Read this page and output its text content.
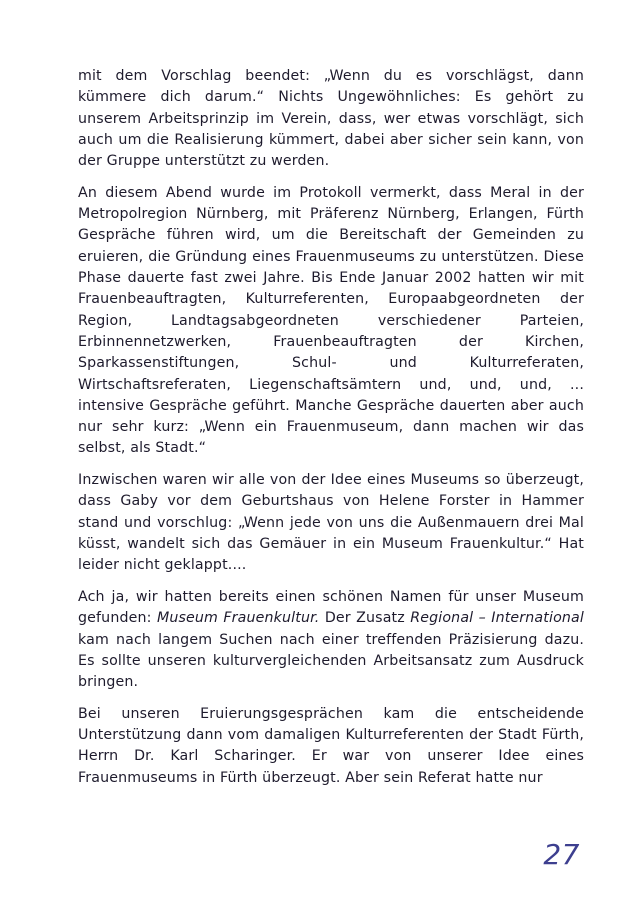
mit dem Vorschlag beendet: „Wenn du es vorschlägst, dann kümmere dich darum.“ Nichts Ungewöhnliches: Es gehört zu unserem Arbeitsprinzip im Verein, dass, wer etwas vorschlägt, sich auch um die Realisierung kümmert, dabei aber sicher sein kann, von der Gruppe unterstützt zu werden.

An diesem Abend wurde im Protokoll vermerkt, dass Meral in der Metropolregion Nürnberg, mit Präferenz Nürnberg, Erlangen, Fürth Gespräche führen wird, um die Bereitschaft der Gemeinden zu eruieren, die Gründung eines Frauenmuseums zu unterstützen. Diese Phase dauerte fast zwei Jahre. Bis Ende Januar 2002 hatten wir mit Frauenbeauftragten, Kulturreferenten, Europaabgeordneten der Region, Landtagsabgeordneten verschiedener Parteien, Erbinnennetzwerken, Frauenbeauftragten der Kirchen, Sparkassenstiftungen, Schul- und Kulturreferaten, Wirtschaftsreferaten, Liegenschaftsämtern und, und, und, ... intensive Gespräche geführt. Manche Gespräche dauerten aber auch nur sehr kurz: „Wenn ein Frauenmuseum, dann machen wir das selbst, als Stadt.“

Inzwischen waren wir alle von der Idee eines Museums so überzeugt, dass Gaby vor dem Geburtshaus von Helene Forster in Hammer stand und vorschlug: „Wenn jede von uns die Außenmauern drei Mal küsst, wandelt sich das Gemäuer in ein Museum Frauenkultur.“ Hat leider nicht geklappt....

Ach ja, wir hatten bereits einen schönen Namen für unser Museum gefunden: Museum Frauenkultur. Der Zusatz Regional – International kam nach langem Suchen nach einer treffenden Präzisierung dazu. Es sollte unseren kulturvergleichenden Arbeitsansatz zum Ausdruck bringen.

Bei unseren Eruierungsgesprächen kam die entscheidende Unterstützung dann vom damaligen Kulturreferenten der Stadt Fürth, Herrn Dr. Karl Scharinger. Er war von unserer Idee eines Frauenmuseums in Fürth überzeugt. Aber sein Referat hatte nur

27
